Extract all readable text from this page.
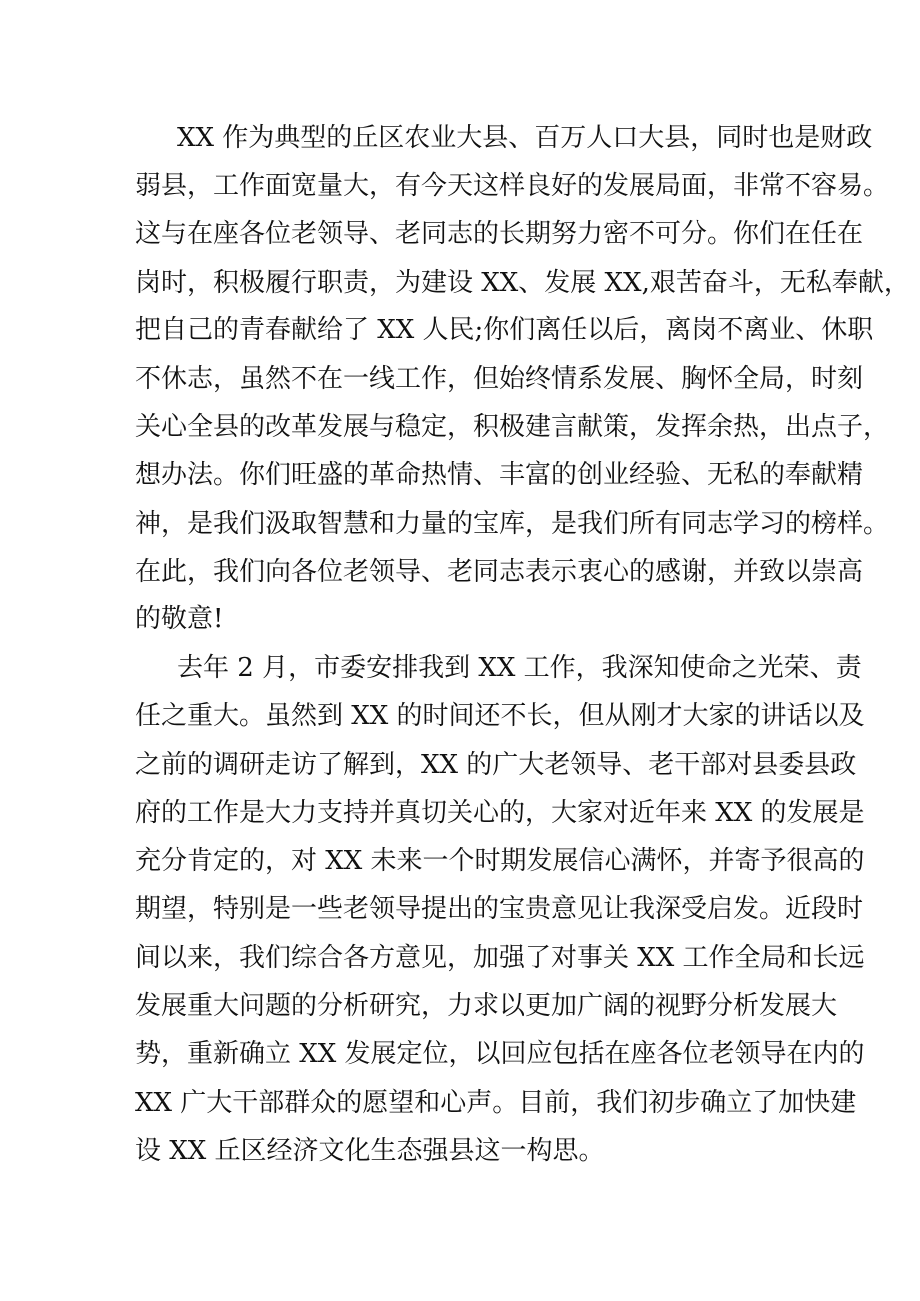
XX 作为典型的丘区农业大县、百万人口大县，同时也是财政
弱县，工作面宽量大，有今天这样良好的发展局面，非常不容易。
这与在座各位老领导、老同志的长期努力密不可分。你们在任在
岗时，积极履行职责，为建设 XX、发展 XX,艰苦奋斗，无私奉献，
把自己的青春献给了 XX 人民;你们离任以后，离岗不离业、休职
不休志，虽然不在一线工作，但始终情系发展、胸怀全局，时刻
关心全县的改革发展与稳定，积极建言献策，发挥余热，出点子，
想办法。你们旺盛的革命热情、丰富的创业经验、无私的奉献精
神，是我们汲取智慧和力量的宝库，是我们所有同志学习的榜样。
在此，我们向各位老领导、老同志表示衷心的感谢，并致以崇高
的敬意!
去年 2 月，市委安排我到 XX 工作，我深知使命之光荣、责
任之重大。虽然到 XX 的时间还不长，但从刚才大家的讲话以及
之前的调研走访了解到，XX 的广大老领导、老干部对县委县政
府的工作是大力支持并真切关心的，大家对近年来 XX 的发展是
充分肯定的，对 XX 未来一个时期发展信心满怀，并寄予很高的
期望，特别是一些老领导提出的宝贵意见让我深受启发。近段时
间以来，我们综合各方意见，加强了对事关 XX 工作全局和长远
发展重大问题的分析研究，力求以更加广阔的视野分析发展大
势，重新确立 XX 发展定位，以回应包括在座各位老领导在内的
XX 广大干部群众的愿望和心声。目前，我们初步确立了加快建
设 XX 丘区经济文化生态强县这一构思。
